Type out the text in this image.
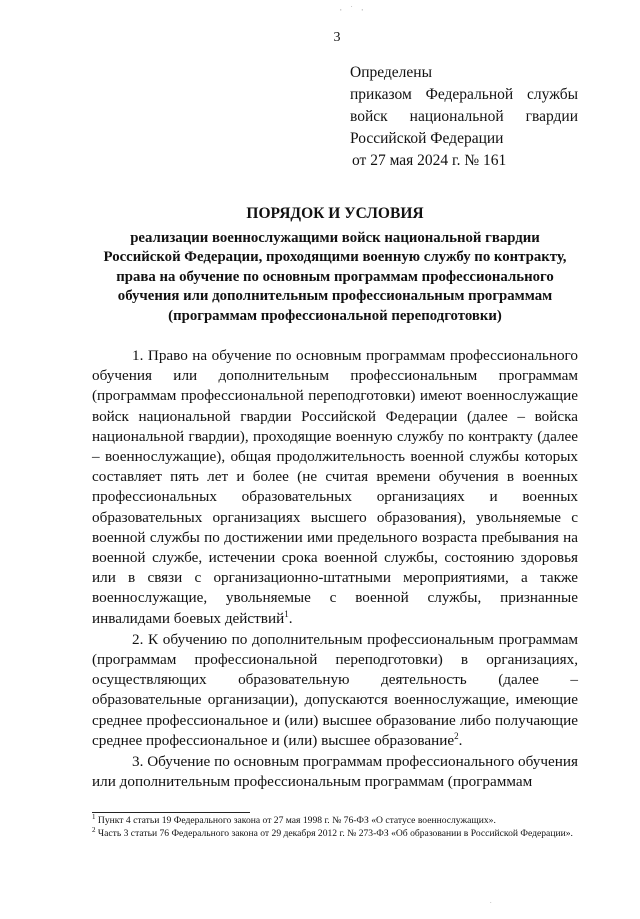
· ˙ ·
3
Определены
приказом Федеральной службы
войск национальной гвардии
Российской Федерации
от 27 мая 2024 г. № 161
ПОРЯДОК И УСЛОВИЯ
реализации военнослужащими войск национальной гвардии
Российской Федерации, проходящими военную службу по контракту,
права на обучение по основным программам профессионального
обучения или дополнительным профессиональным программам
(программам профессиональной переподготовки)

1. Право на обучение по основным программам профессионального обучения или дополнительным профессиональным программам (программам профессиональной переподготовки) имеют военнослужащие войск национальной гвардии Российской Федерации (далее – войска национальной гвардии), проходящие военную службу по контракту (далее – военнослужащие), общая продолжительность военной службы которых составляет пять лет и более (не считая времени обучения в военных профессиональных образовательных организациях и военных образовательных организациях высшего образования), увольняемые с военной службы по достижении ими предельного возраста пребывания на военной службе, истечении срока военной службы, состоянию здоровья или в связи с организационно-штатными мероприятиями, а также военнослужащие, увольняемые с военной службы, признанные инвалидами боевых действий$^1$.

2. К обучению по дополнительным профессиональным программам (программам профессиональной переподготовки) в организациях, осуществляющих образовательную деятельность (далее – образовательные организации), допускаются военнослужащие, имеющие среднее профессиональное и (или) высшее образование либо получающие среднее профессиональное и (или) высшее образование$^2$.

3. Обучение по основным программам профессионального обучения или дополнительным профессиональным программам (программам

$^1$ Пункт 4 статьи 19 Федерального закона от 27 мая 1998 г. № 76-ФЗ «О статусе военнослужащих».

$^2$ Часть 3 статьи 76 Федерального закона от 29 декабря 2012 г. № 273-ФЗ «Об образовании в Российской Федерации».

˙
